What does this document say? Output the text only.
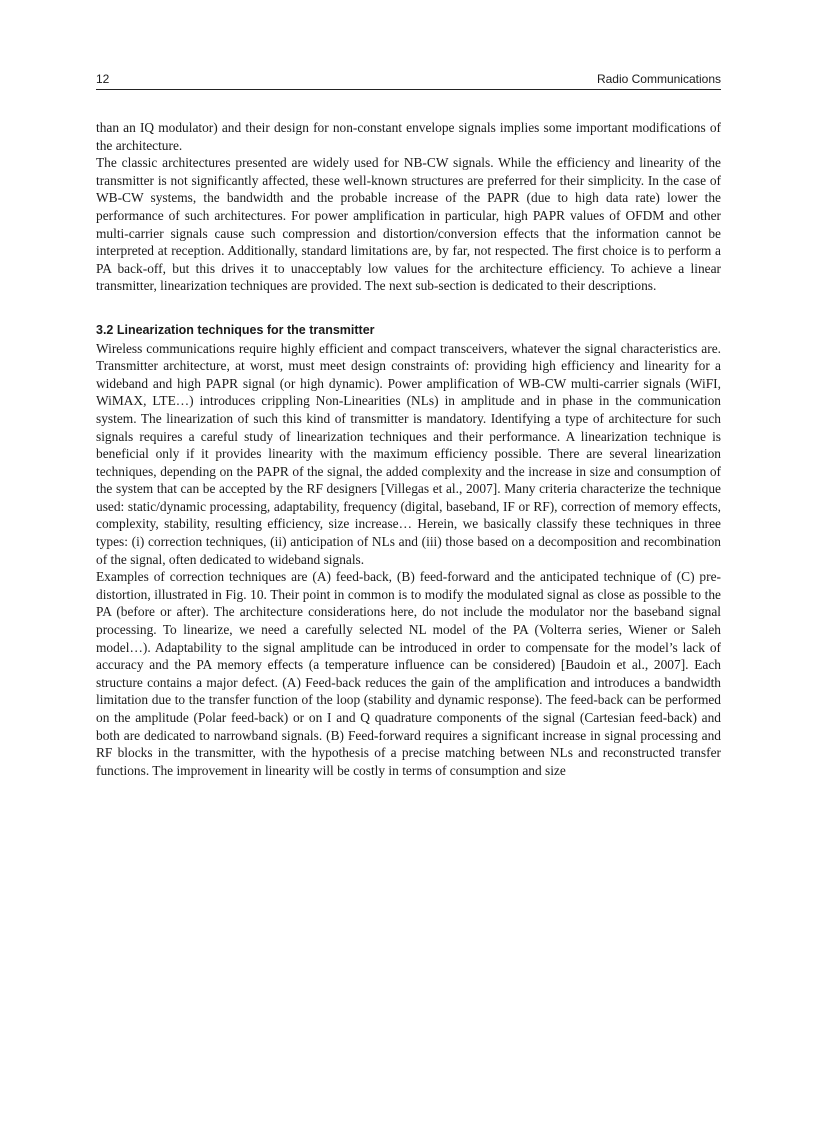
12	Radio Communications

than an IQ modulator) and their design for non-constant envelope signals implies some important modifications of the architecture.

The classic architectures presented are widely used for NB-CW signals. While the efficiency and linearity of the transmitter is not significantly affected, these well-known structures are preferred for their simplicity. In the case of WB-CW systems, the bandwidth and the probable increase of the PAPR (due to high data rate) lower the performance of such architectures. For power amplification in particular, high PAPR values of OFDM and other multi-carrier signals cause such compression and distortion/conversion effects that the information cannot be interpreted at reception. Additionally, standard limitations are, by far, not respected. The first choice is to perform a PA back-off, but this drives it to unacceptably low values for the architecture efficiency. To achieve a linear transmitter, linearization techniques are provided. The next sub-section is dedicated to their descriptions.

3.2 Linearization techniques for the transmitter

Wireless communications require highly efficient and compact transceivers, whatever the signal characteristics are. Transmitter architecture, at worst, must meet design constraints of: providing high efficiency and linearity for a wideband and high PAPR signal (or high dynamic). Power amplification of WB-CW multi-carrier signals (WiFI, WiMAX, LTE…) introduces crippling Non-Linearities (NLs) in amplitude and in phase in the communication system. The linearization of such this kind of transmitter is mandatory. Identifying a type of architecture for such signals requires a careful study of linearization techniques and their performance. A linearization technique is beneficial only if it provides linearity with the maximum efficiency possible. There are several linearization techniques, depending on the PAPR of the signal, the added complexity and the increase in size and consumption of the system that can be accepted by the RF designers [Villegas et al., 2007]. Many criteria characterize the technique used: static/dynamic processing, adaptability, frequency (digital, baseband, IF or RF), correction of memory effects, complexity, stability, resulting efficiency, size increase… Herein, we basically classify these techniques in three types: (i) correction techniques, (ii) anticipation of NLs and (iii) those based on a decomposition and recombination of the signal, often dedicated to wideband signals.

Examples of correction techniques are (A) feed-back, (B) feed-forward and the anticipated technique of (C) pre-distortion, illustrated in Fig. 10. Their point in common is to modify the modulated signal as close as possible to the PA (before or after). The architecture considerations here, do not include the modulator nor the baseband signal processing. To linearize, we need a carefully selected NL model of the PA (Volterra series, Wiener or Saleh model…). Adaptability to the signal amplitude can be introduced in order to compensate for the model’s lack of accuracy and the PA memory effects (a temperature influence can be considered) [Baudoin et al., 2007]. Each structure contains a major defect. (A) Feed-back reduces the gain of the amplification and introduces a bandwidth limitation due to the transfer function of the loop (stability and dynamic response). The feed-back can be performed on the amplitude (Polar feed-back) or on I and Q quadrature components of the signal (Cartesian feed-back) and both are dedicated to narrowband signals. (B) Feed-forward requires a significant increase in signal processing and RF blocks in the transmitter, with the hypothesis of a precise matching between NLs and reconstructed transfer functions. The improvement in linearity will be costly in terms of consumption and size
